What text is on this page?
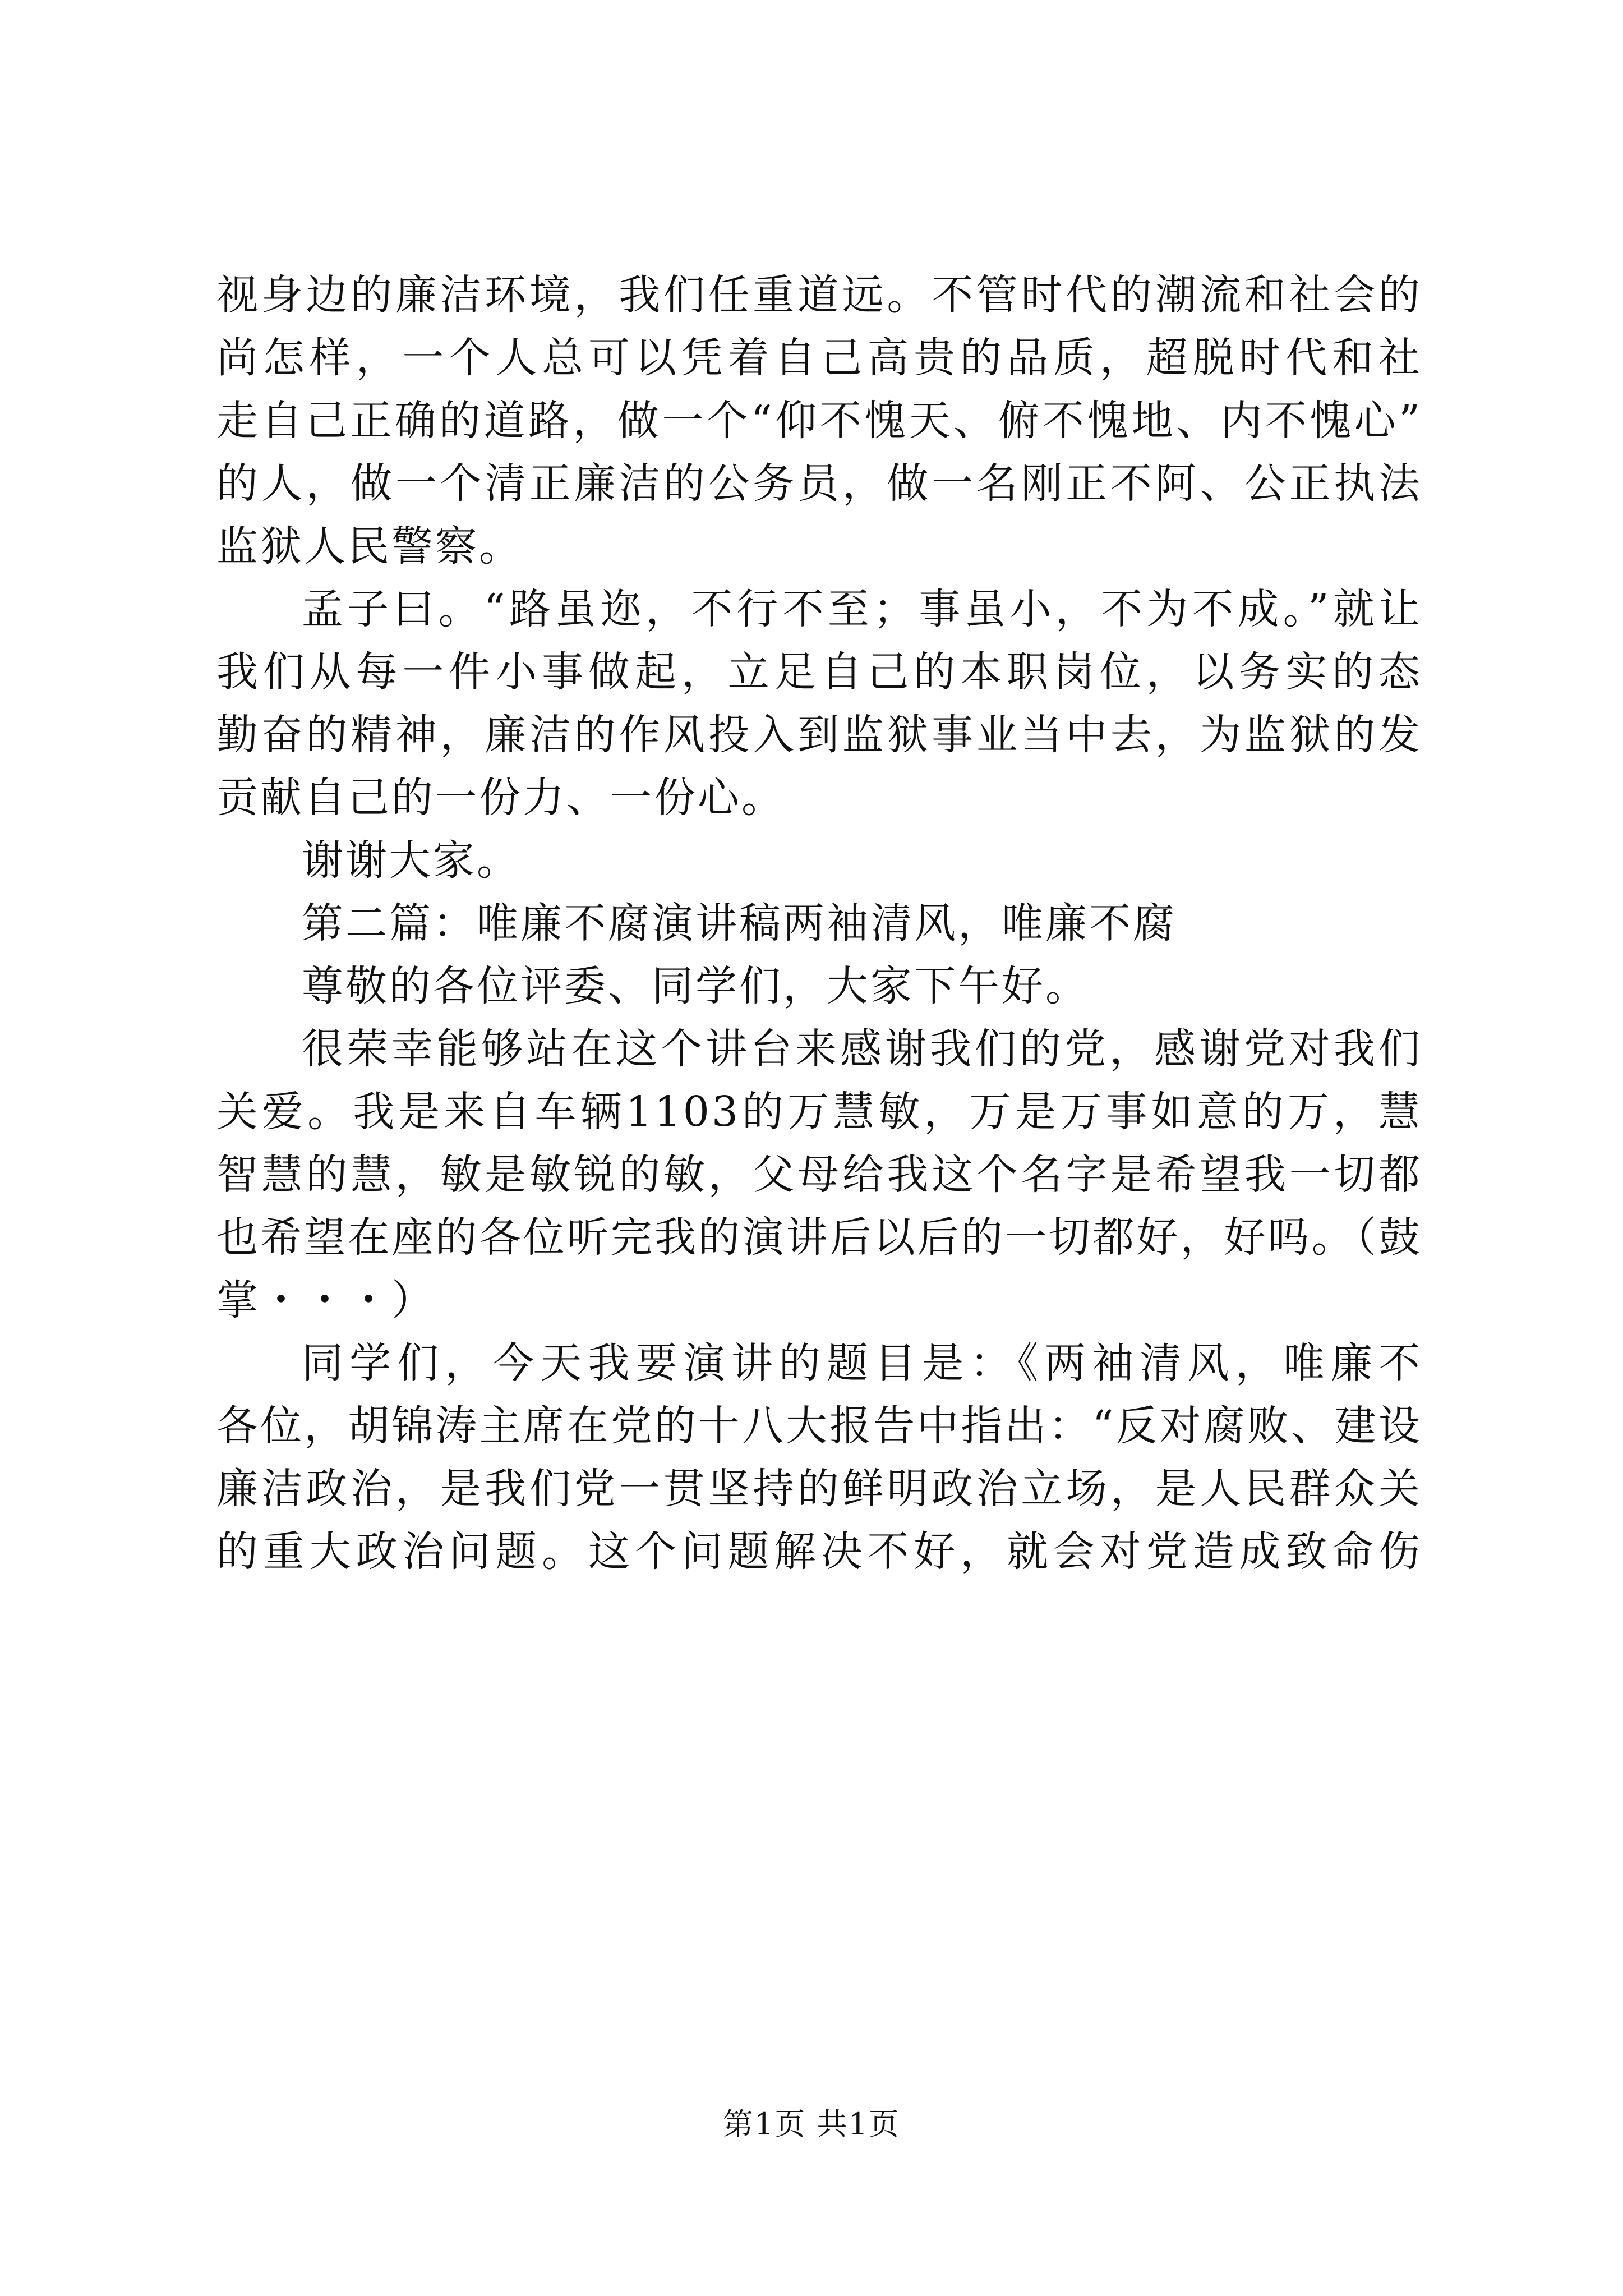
视身边的廉洁环境，我们任重道远。不管时代的潮流和社会的

尚怎样，一个人总可以凭着自己高贵的品质，超脱时代和社

走自己正确的道路，做一个“仰不愧天、俯不愧地、内不愧心”

的人，做一个清正廉洁的公务员，做一名刚正不阿、公正执法

监狱人民警察。

孟子曰。“路虽迩，不行不至；事虽小，不为不成。”就让

我们从每一件小事做起，立足自己的本职岗位，以务实的态

勤奋的精神，廉洁的作风投入到监狱事业当中去，为监狱的发

贡献自己的一份力、一份心。

谢谢大家。

第二篇：唯廉不腐演讲稿两袖清风，唯廉不腐

尊敬的各位评委、同学们，大家下午好。

很荣幸能够站在这个讲台来感谢我们的党，感谢党对我们

关爱。我是来自车辆1103的万慧敏，万是万事如意的万，慧

智慧的慧，敏是敏锐的敏，父母给我这个名字是希望我一切都

也希望在座的各位听完我的演讲后以后的一切都好，好吗。（鼓

掌・・・）

同学们，今天我要演讲的题目是：《两袖清风，唯廉不

各位，胡锦涛主席在党的十八大报告中指出：“反对腐败、建设

廉洁政治，是我们党一贯坚持的鲜明政治立场，是人民群众关

的重大政治问题。这个问题解决不好，就会对党造成致命伤

第1页 共1页
